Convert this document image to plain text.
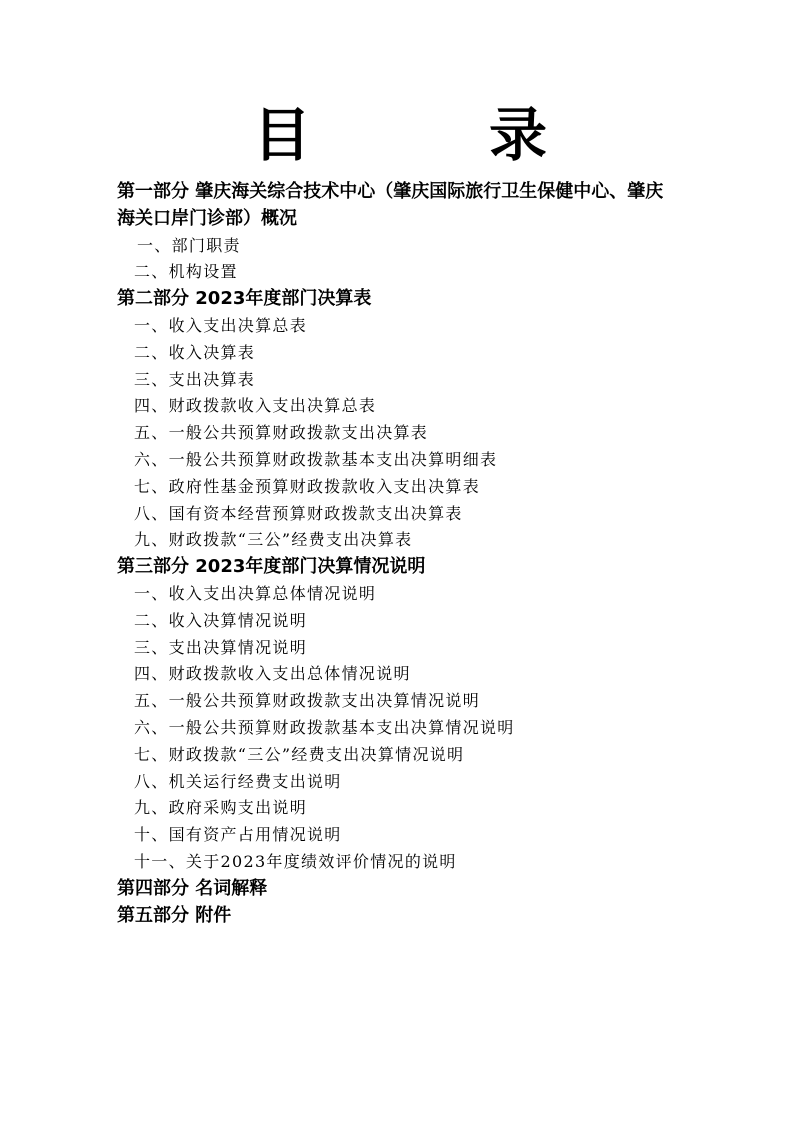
目　录

第一部分 肇庆海关综合技术中心（肇庆国际旅行卫生保健中心、肇庆

海关口岸门诊部）概况

一、部门职责

二、机构设置

第二部分 2023年度部门决算表

一、收入支出决算总表

二、收入决算表

三、支出决算表

四、财政拨款收入支出决算总表

五、一般公共预算财政拨款支出决算表

六、一般公共预算财政拨款基本支出决算明细表

七、政府性基金预算财政拨款收入支出决算表

八、国有资本经营预算财政拨款支出决算表

九、财政拨款“三公”经费支出决算表

第三部分 2023年度部门决算情况说明

一、收入支出决算总体情况说明

二、收入决算情况说明

三、支出决算情况说明

四、财政拨款收入支出总体情况说明

五、一般公共预算财政拨款支出决算情况说明

六、一般公共预算财政拨款基本支出决算情况说明

七、财政拨款“三公”经费支出决算情况说明

八、机关运行经费支出说明

九、政府采购支出说明

十、国有资产占用情况说明

十一、关于2023年度绩效评价情况的说明

第四部分 名词解释

第五部分 附件
